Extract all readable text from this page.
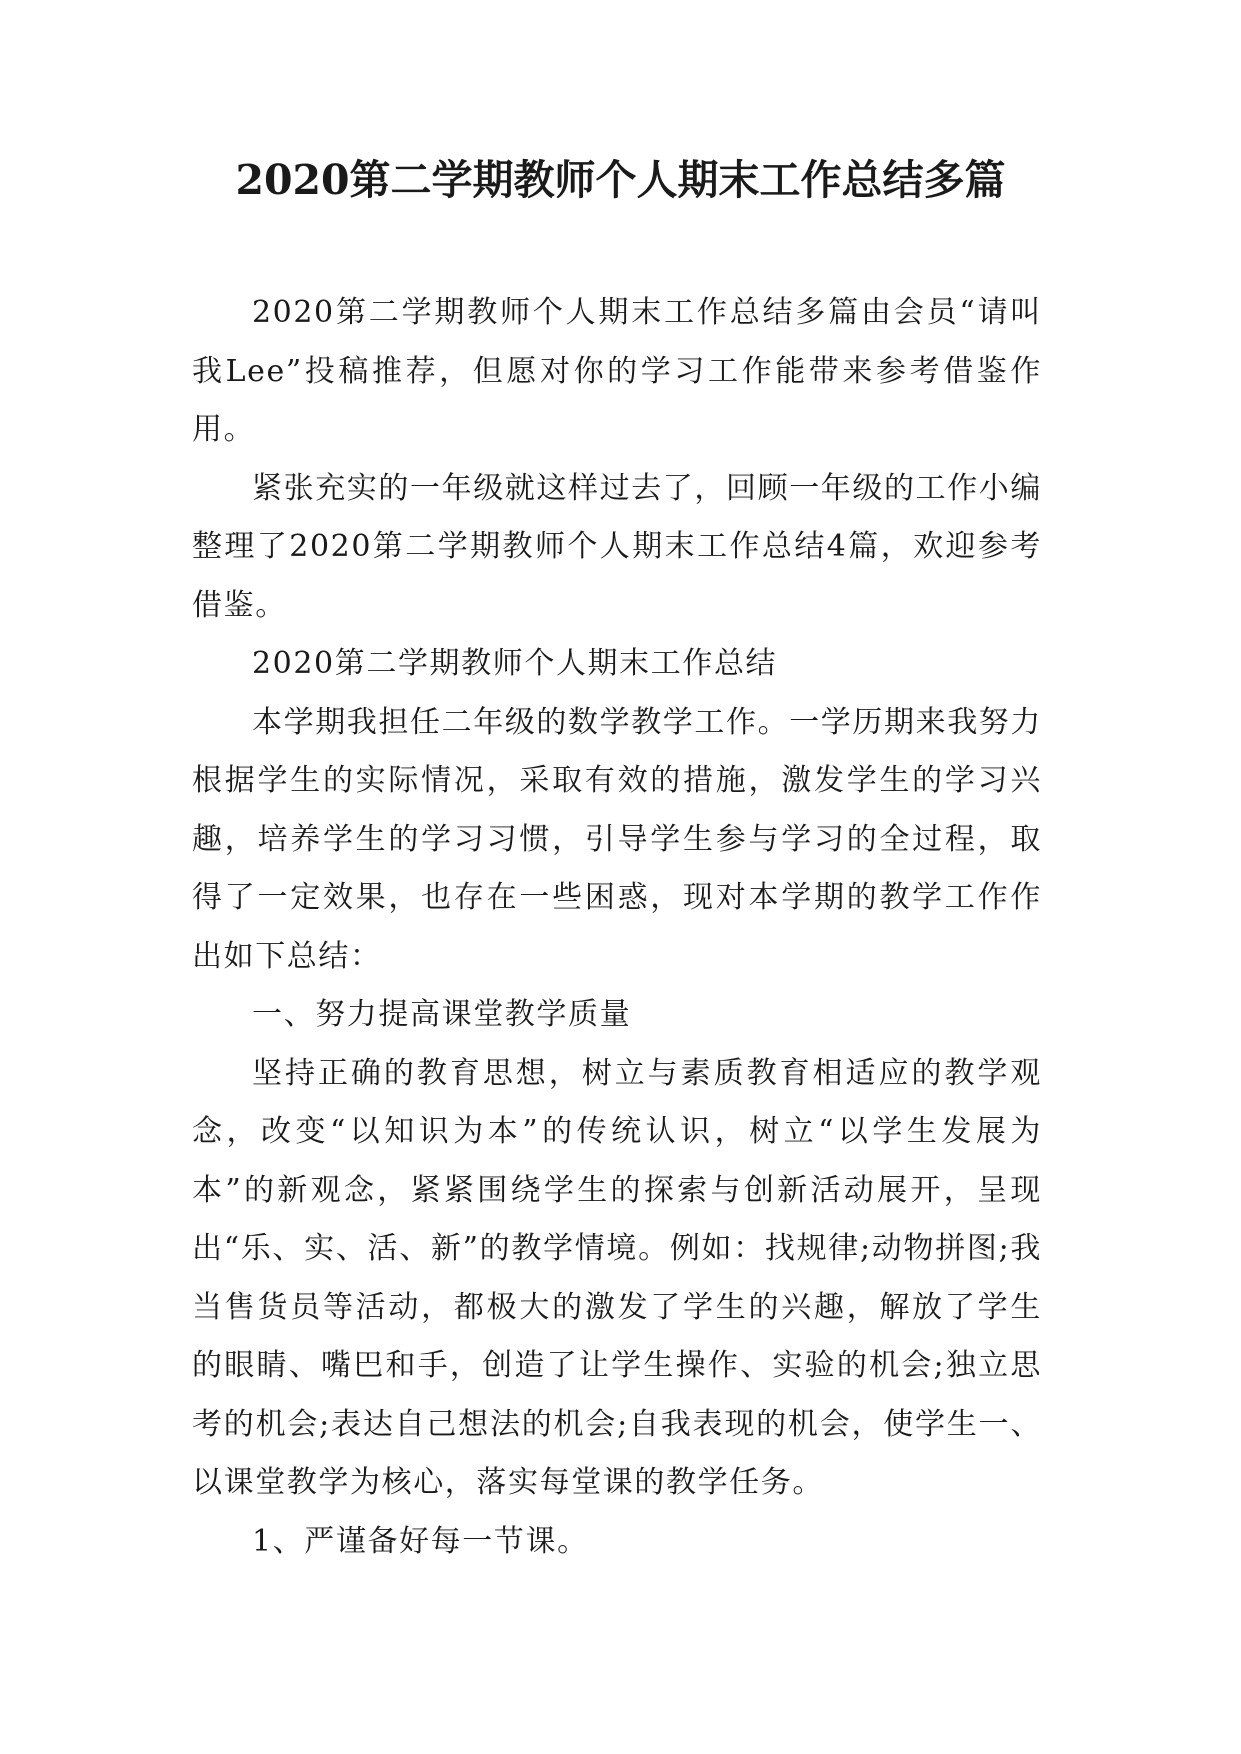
2020第二学期教师个人期末工作总结多篇

2020第二学期教师个人期末工作总结多篇由会员“请叫我Lee”投稿推荐，但愿对你的学习工作能带来参考借鉴作用。

紧张充实的一年级就这样过去了，回顾一年级的工作小编整理了2020第二学期教师个人期末工作总结4篇，欢迎参考借鉴。

2020第二学期教师个人期末工作总结

本学期我担任二年级的数学教学工作。一学历期来我努力根据学生的实际情况，采取有效的措施，激发学生的学习兴趣，培养学生的学习习惯，引导学生参与学习的全过程，取得了一定效果，也存在一些困惑，现对本学期的教学工作作出如下总结：

一、努力提高课堂教学质量

坚持正确的教育思想，树立与素质教育相适应的教学观念，改变“以知识为本”的传统认识，树立“以学生发展为本”的新观念，紧紧围绕学生的探索与创新活动展开，呈现出“乐、实、活、新”的教学情境。例如：找规律;动物拼图;我当售货员等活动，都极大的激发了学生的兴趣，解放了学生的眼睛、嘴巴和手，创造了让学生操作、实验的机会;独立思考的机会;表达自己想法的机会;自我表现的机会，使学生一、以课堂教学为核心，落实每堂课的教学任务。

1、严谨备好每一节课。
